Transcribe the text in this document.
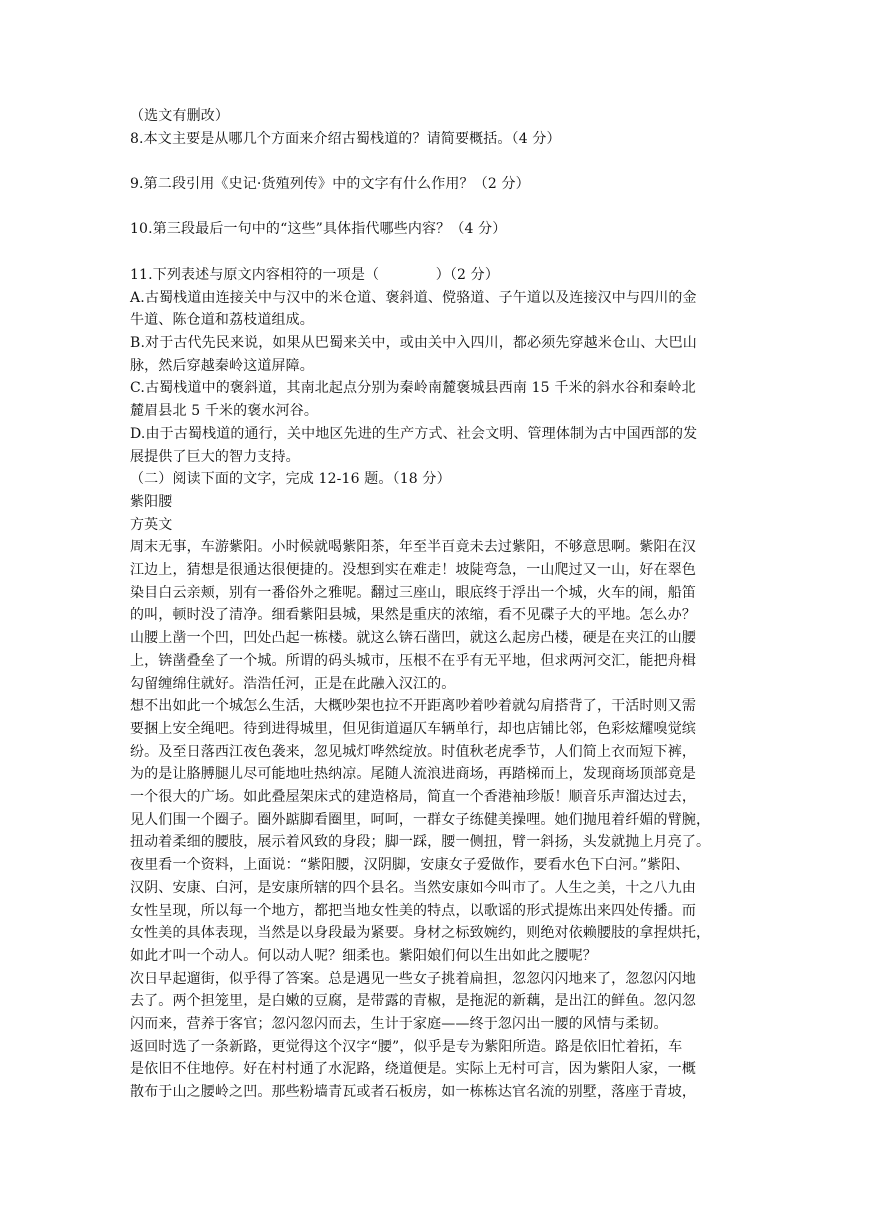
（选文有删改）
8.本文主要是从哪几个方面来介绍古蜀栈道的？请简要概括。（4 分）
9.第二段引用《史记·货殖列传》中的文字有什么作用？（2 分）
10.第三段最后一句中的“这些”具体指代哪些内容？（4 分）
11.下列表述与原文内容相符的一项是（　　　　）（2 分）
A.古蜀栈道由连接关中与汉中的米仓道、褒斜道、傥骆道、子午道以及连接汉中与四川的金
牛道、陈仓道和荔枝道组成。
B.对于古代先民来说，如果从巴蜀来关中，或由关中入四川，都必须先穿越米仓山、大巴山
脉，然后穿越秦岭这道屏障。
C.古蜀栈道中的褒斜道，其南北起点分别为秦岭南麓褒城县西南 15 千米的斜水谷和秦岭北
麓眉县北 5 千米的褒水河谷。
D.由于古蜀栈道的通行，关中地区先进的生产方式、社会文明、管理体制为古中国西部的发
展提供了巨大的智力支持。
（二）阅读下面的文字，完成 12-16 题。（18 分）
紫阳腰
方英文
周末无事，车游紫阳。小时候就喝紫阳茶，年至半百竟未去过紫阳，不够意思啊。紫阳在汉
江边上，猜想是很通达很便捷的。没想到实在难走！坡陡弯急，一山爬过又一山，好在翠色
染目白云亲颊，别有一番俗外之雅呢。翻过三座山，眼底终于浮出一个城，火车的闹，船笛
的叫，顿时没了清净。细看紫阳县城，果然是重庆的浓缩，看不见碟子大的平地。怎么办？
山腰上凿一个凹，凹处凸起一栋楼。就这么锛石凿凹，就这么起房凸楼，硬是在夹江的山腰
上，锛凿叠垒了一个城。所谓的码头城市，压根不在乎有无平地，但求两河交汇，能把舟楫
勾留缠绵住就好。浩浩任河，正是在此融入汉江的。
想不出如此一个城怎么生活，大概吵架也拉不开距离吵着吵着就勾肩搭背了，干活时则又需
要捆上安全绳吧。待到进得城里，但见街道逼仄车辆单行，却也店铺比邻，色彩炫耀嗅觉缤
纷。及至日落西江夜色袭来，忽见城灯哗然绽放。时值秋老虎季节，人们简上衣而短下裤，
为的是让胳膊腿儿尽可能地吐热纳凉。尾随人流浪进商场，再踏梯而上，发现商场顶部竟是
一个很大的广场。如此叠屋架床式的建造格局，简直一个香港袖珍版！顺音乐声溜达过去，
见人们围一个圈子。圈外踮脚看圈里，呵呵，一群女子练健美操哩。她们抛甩着纤媚的臂腕，
扭动着柔细的腰肢，展示着风致的身段；脚一踩，腰一侧扭，臂一斜扬，头发就抛上月亮了。
夜里看一个资料，上面说：“紫阳腰，汉阴脚，安康女子爱做作，要看水色下白河。”紫阳、
汉阴、安康、白河，是安康所辖的四个县名。当然安康如今叫市了。人生之美，十之八九由
女性呈现，所以每一个地方，都把当地女性美的特点，以歌谣的形式提炼出来四处传播。而
女性美的具体表现，当然是以身段最为紧要。身材之标致婉约，则绝对依赖腰肢的拿捏烘托，
如此才叫一个动人。何以动人呢？细柔也。紫阳娘们何以生出如此之腰呢？
次日早起遛街，似乎得了答案。总是遇见一些女子挑着扁担，忽忽闪闪地来了，忽忽闪闪地
去了。两个担笼里，是白嫩的豆腐，是带露的青椒，是拖泥的新藕，是出江的鲜鱼。忽闪忽
闪而来，营养于客官；忽闪忽闪而去，生计于家庭——终于忽闪出一腰的风情与柔韧。
返回时选了一条新路，更觉得这个汉字“腰”，似乎是专为紫阳所造。路是依旧忙着拓，车
是依旧不住地停。好在村村通了水泥路，绕道便是。实际上无村可言，因为紫阳人家，一概
散布于山之腰岭之凹。那些粉墙青瓦或者石板房，如一栋栋达官名流的别墅，落座于青坡，
